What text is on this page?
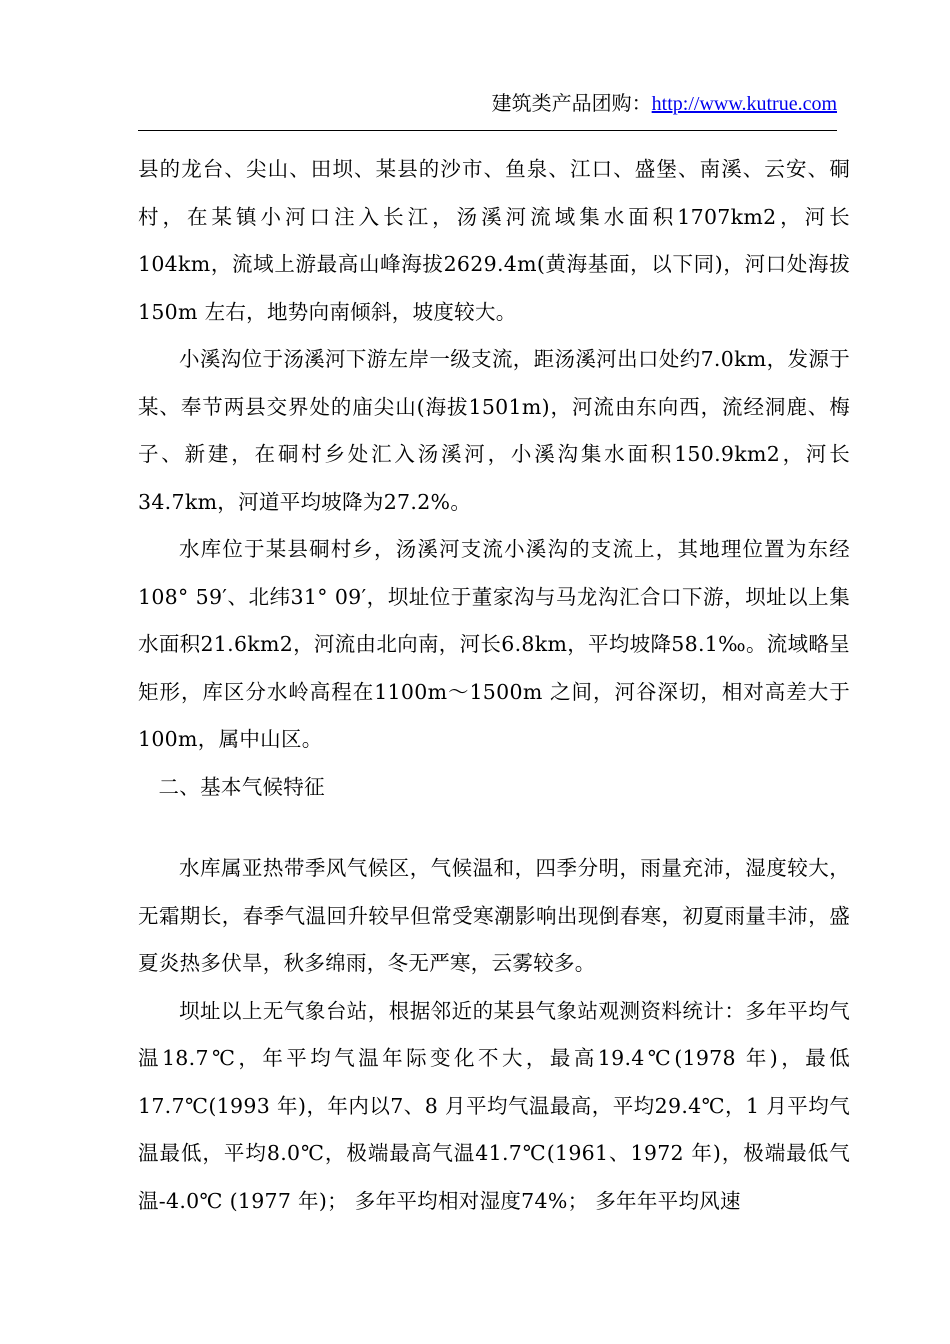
建筑类产品团购：http://www.kutrue.com

县的龙台、尖山、田坝、某县的沙市、鱼泉、江口、盛堡、南溪、云安、硐村，在某镇小河口注入长江，汤溪河流域集水面积1707km2，河长104km，流域上游最高山峰海拔2629.4m(黄海基面，以下同)，河口处海拔150m 左右，地势向南倾斜，坡度较大。

小溪沟位于汤溪河下游左岸一级支流，距汤溪河出口处约7.0km，发源于某、奉节两县交界处的庙尖山(海拔1501m)，河流由东向西，流经洞鹿、梅子、新建，在硐村乡处汇入汤溪河，小溪沟集水面积150.9km2，河长34.7km，河道平均坡降为27.2%。

水库位于某县硐村乡，汤溪河支流小溪沟的支流上，其地理位置为东经108° 59′、北纬31° 09′，坝址位于董家沟与马龙沟汇合口下游，坝址以上集水面积21.6km2，河流由北向南，河长6.8km，平均坡降58.1‰。流域略呈矩形，库区分水岭高程在1100m～1500m 之间，河谷深切，相对高差大于100m，属中山区。

二、基本气候特征

水库属亚热带季风气候区，气候温和，四季分明，雨量充沛，湿度较大，无霜期长，春季气温回升较早但常受寒潮影响出现倒春寒，初夏雨量丰沛，盛夏炎热多伏旱，秋多绵雨，冬无严寒，云雾较多。

坝址以上无气象台站，根据邻近的某县气象站观测资料统计：多年平均气温18.7℃，年平均气温年际变化不大，最高19.4℃(1978 年)，最低17.7℃(1993 年)，年内以7、8 月平均气温最高，平均29.4℃，1 月平均气温最低，平均8.0℃，极端最高气温41.7℃(1961、1972 年)，极端最低气温-4.0℃ (1977 年)； 多年平均相对湿度74%； 多年年平均风速
